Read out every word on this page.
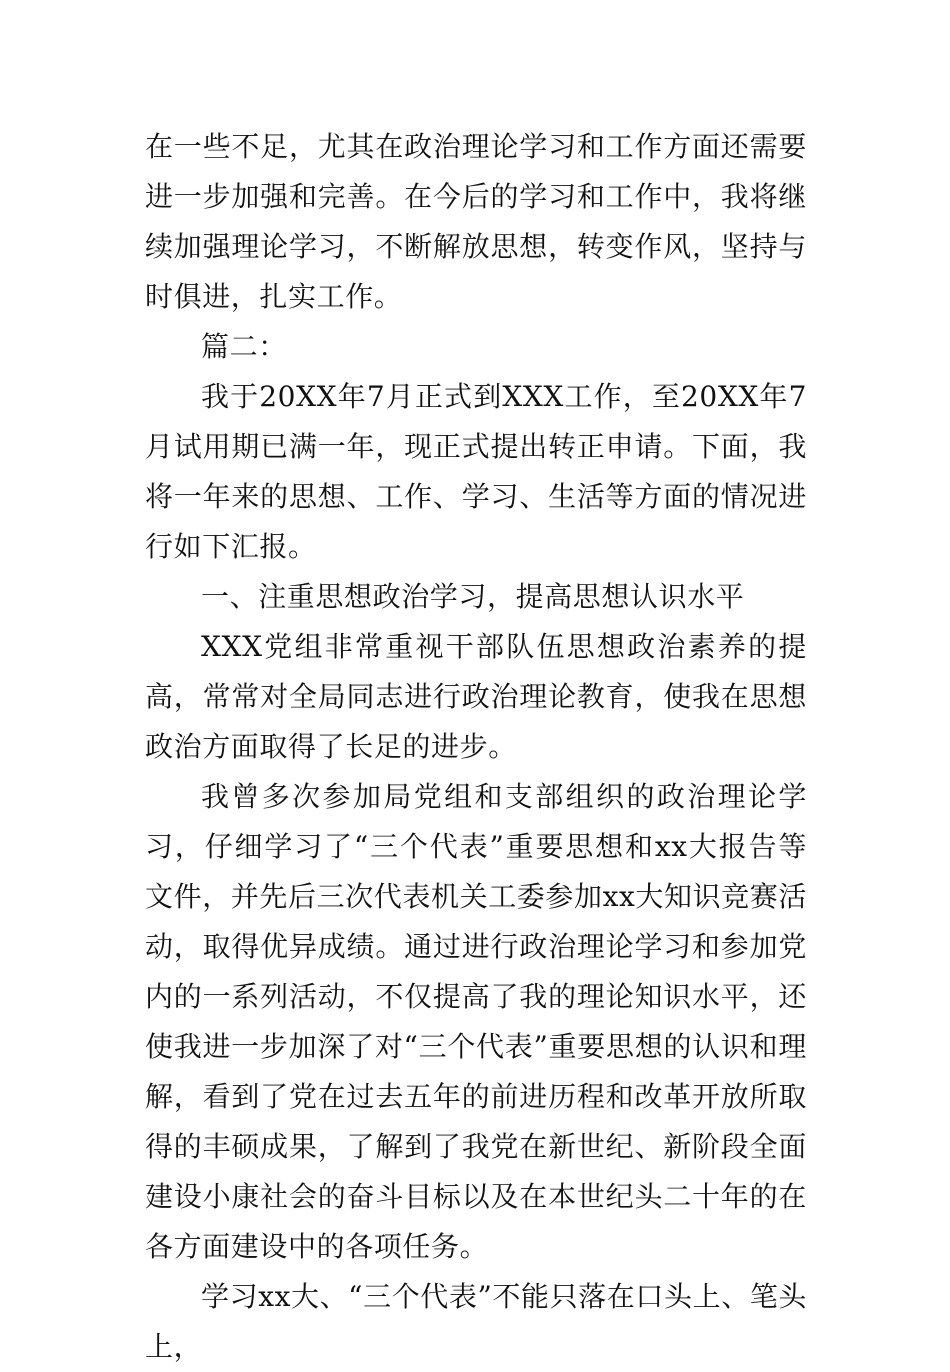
在一些不足，尤其在政治理论学习和工作方面还需要进一步加强和完善。在今后的学习和工作中，我将继续加强理论学习，不断解放思想，转变作风，坚持与时俱进，扎实工作。

篇二：

我于20XX年7月正式到XXX工作，至20XX年7月试用期已满一年，现正式提出转正申请。下面，我将一年来的思想、工作、学习、生活等方面的情况进行如下汇报。

一、注重思想政治学习，提高思想认识水平

XXX党组非常重视干部队伍思想政治素养的提高，常常对全局同志进行政治理论教育，使我在思想政治方面取得了长足的进步。

我曾多次参加局党组和支部组织的政治理论学习，仔细学习了“三个代表”重要思想和xx大报告等文件，并先后三次代表机关工委参加xx大知识竞赛活动，取得优异成绩。通过进行政治理论学习和参加党内的一系列活动，不仅提高了我的理论知识水平，还使我进一步加深了对“三个代表”重要思想的认识和理解，看到了党在过去五年的前进历程和改革开放所取得的丰硕成果，了解到了我党在新世纪、新阶段全面建设小康社会的奋斗目标以及在本世纪头二十年的在各方面建设中的各项任务。

学习xx大、“三个代表”不能只落在口头上、笔头上，
